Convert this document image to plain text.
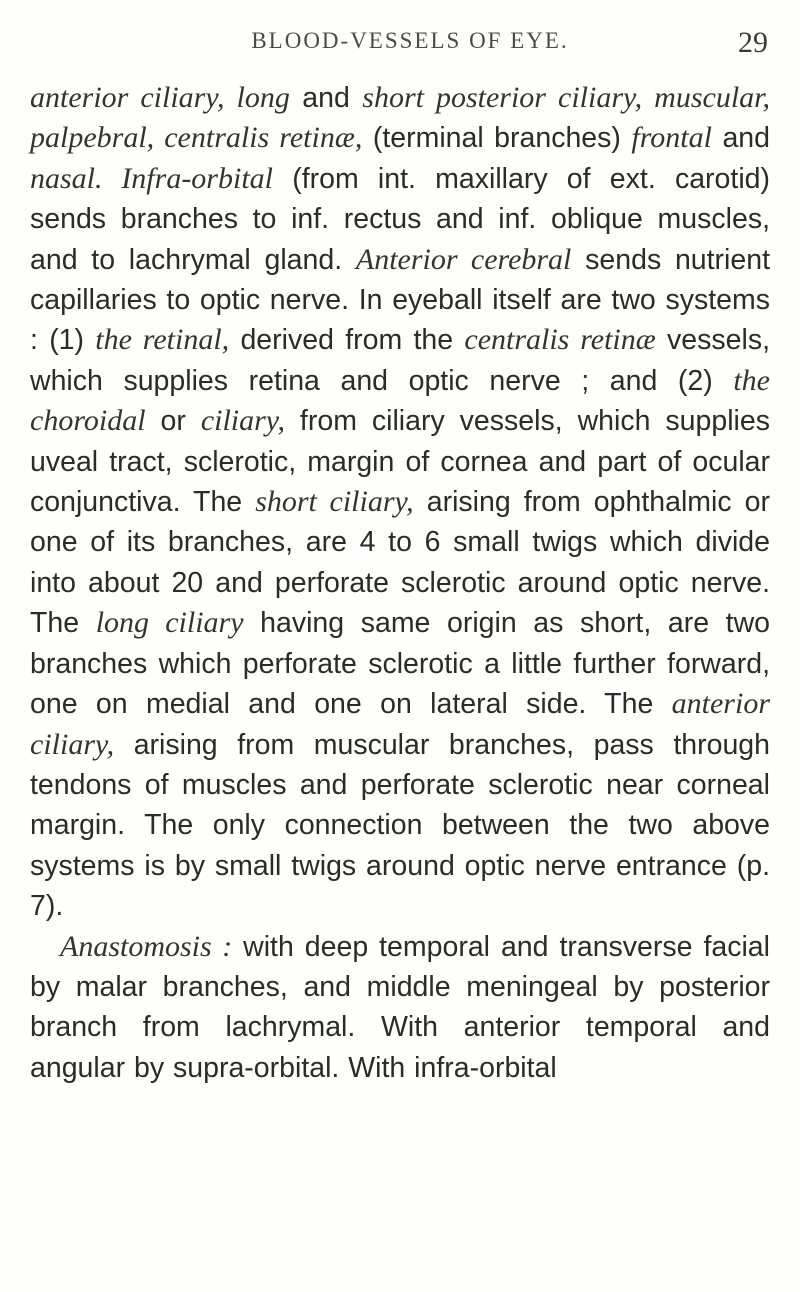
BLOOD-VESSELS OF EYE.	29

anterior ciliary, long and short posterior ciliary, muscular, palpebral, centralis retinæ, (terminal branches) frontal and nasal. Infra-orbital (from int. maxillary of ext. carotid) sends branches to inf. rectus and inf. oblique muscles, and to lachrymal gland. Anterior cerebral sends nutrient capillaries to optic nerve. In eyeball itself are two systems : (1) the retinal, derived from the centralis retinæ vessels, which supplies retina and optic nerve ; and (2) the choroidal or ciliary, from ciliary vessels, which supplies uveal tract, sclerotic, margin of cornea and part of ocular conjunctiva. The short ciliary, arising from ophthalmic or one of its branches, are 4 to 6 small twigs which divide into about 20 and perforate sclerotic around optic nerve. The long ciliary having same origin as short, are two branches which perforate sclerotic a little further forward, one on medial and one on lateral side. The anterior ciliary, arising from muscular branches, pass through tendons of muscles and perforate sclerotic near corneal margin. The only connection between the two above systems is by small twigs around optic nerve entrance (p. 7).

Anastomosis : with deep temporal and transverse facial by malar branches, and middle meningeal by posterior branch from lachrymal. With anterior temporal and angular by supra-orbital. With infra-orbital
